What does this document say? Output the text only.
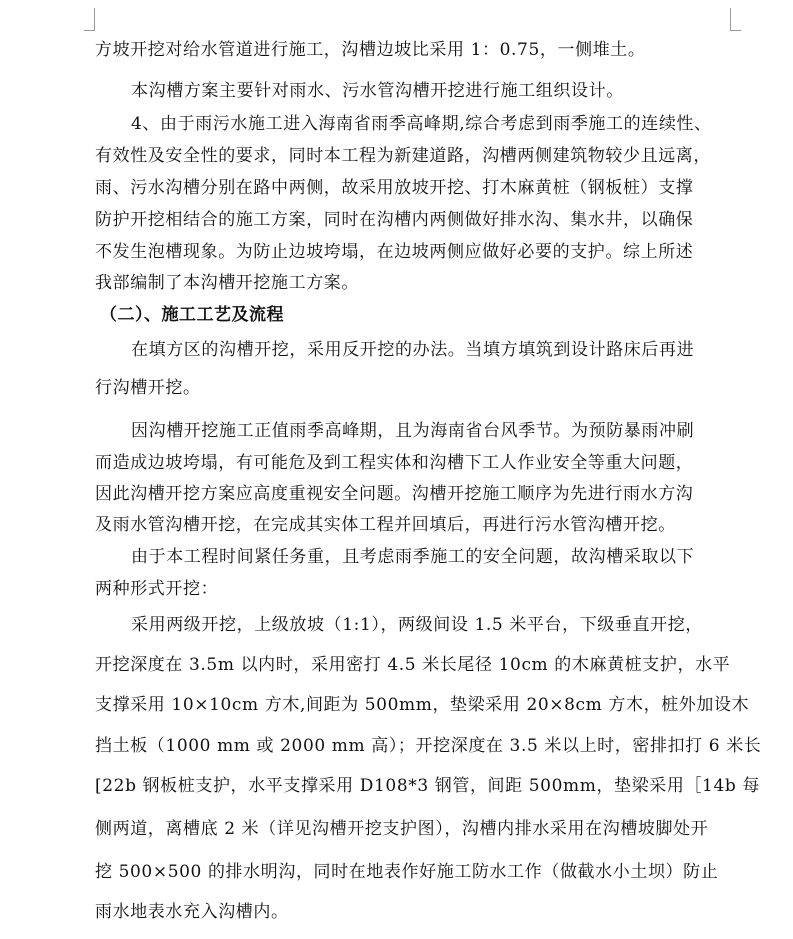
方坡开挖对给水管道进行施工，沟槽边坡比采用 1：0.75，一侧堆土。
本沟槽方案主要针对雨水、污水管沟槽开挖进行施工组织设计。
4、由于雨污水施工进入海南省雨季高峰期,综合考虑到雨季施工的连续性、
有效性及安全性的要求，同时本工程为新建道路，沟槽两侧建筑物较少且远离，
雨、污水沟槽分别在路中两侧，故采用放坡开挖、打木麻黄桩（钢板桩）支撑
防护开挖相结合的施工方案，同时在沟槽内两侧做好排水沟、集水井，以确保
不发生泡槽现象。为防止边坡垮塌，在边坡两侧应做好必要的支护。综上所述
我部编制了本沟槽开挖施工方案。
（二）、施工工艺及流程
在填方区的沟槽开挖，采用反开挖的办法。当填方填筑到设计路床后再进
行沟槽开挖。
因沟槽开挖施工正值雨季高峰期，且为海南省台风季节。为预防暴雨冲刷
而造成边坡垮塌，有可能危及到工程实体和沟槽下工人作业安全等重大问题，
因此沟槽开挖方案应高度重视安全问题。沟槽开挖施工顺序为先进行雨水方沟
及雨水管沟槽开挖，在完成其实体工程并回填后，再进行污水管沟槽开挖。
由于本工程时间紧任务重，且考虑雨季施工的安全问题，故沟槽采取以下
两种形式开挖：
采用两级开挖，上级放坡（1:1），两级间设 1.5 米平台，下级垂直开挖，
开挖深度在 3.5m 以内时，采用密打 4.5 米长尾径 10cm 的木麻黄桩支护，水平
支撑采用 10×10cm 方木,间距为 500mm，垫梁采用 20×8cm 方木，桩外加设木
挡土板（1000 mm 或 2000 mm 高）；开挖深度在 3.5 米以上时，密排扣打 6 米长
[22b 钢板桩支护，水平支撑采用 D108*3 钢管，间距 500mm，垫梁采用［14b 每
侧两道，离槽底 2 米（详见沟槽开挖支护图），沟槽内排水采用在沟槽坡脚处开
挖 500×500 的排水明沟，同时在地表作好施工防水工作（做截水小土坝）防止
雨水地表水充入沟槽内。
